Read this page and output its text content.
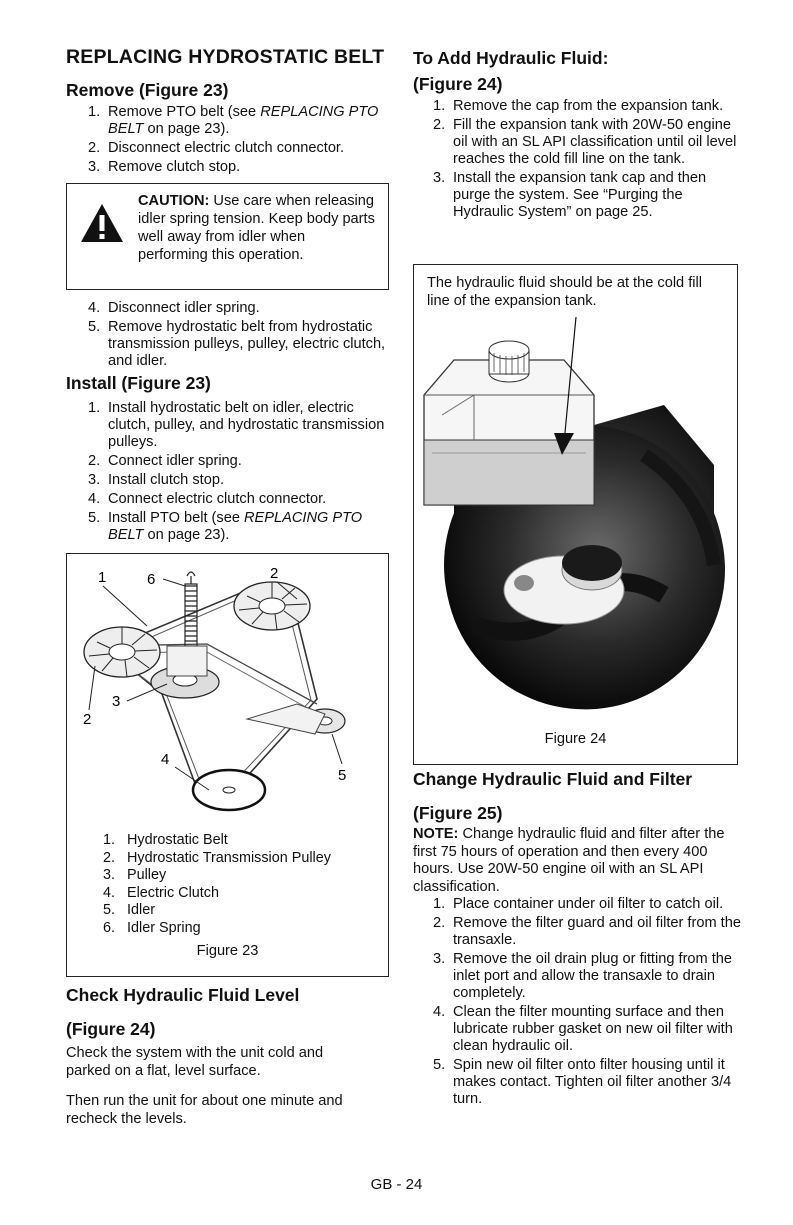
REPLACING HYDROSTATIC BELT
Remove (Figure 23)
1. Remove PTO belt (see REPLACING PTO BELT on page 23).
2. Disconnect electric clutch connector.
3. Remove clutch stop.
CAUTION: Use care when releasing idler spring tension. Keep body parts well away from idler when performing this operation.
4. Disconnect idler spring.
5. Remove hydrostatic belt from hydrostatic transmission pulleys, pulley, electric clutch, and idler.
Install (Figure 23)
1. Install hydrostatic belt on idler, electric clutch, pulley, and hydrostatic transmission pulleys.
2. Connect idler spring.
3. Install clutch stop.
4. Connect electric clutch connector.
5. Install PTO belt (see REPLACING PTO BELT on page 23).
1	6	2
2
3
4
5
1. Hydrostatic Belt
2. Hydrostatic Transmission Pulley
3. Pulley
4. Electric Clutch
5. Idler
6. Idler Spring
Figure 23
Check Hydraulic Fluid Level
(Figure 24)
Check the system with the unit cold and parked on a flat, level surface.
Then run the unit for about one minute and recheck the levels.
To Add Hydraulic Fluid:
(Figure 24)
1. Remove the cap from the expansion tank.
2. Fill the expansion tank with 20W-50 engine oil with an SL API classification until oil level reaches the cold fill line on the tank.
3. Install the expansion tank cap and then purge the system. See “Purging the Hydraulic System” on page 25.
The hydraulic fluid should be at the cold fill line of the expansion tank.
Figure 24
Change Hydraulic Fluid and Filter
(Figure 25)
NOTE: Change hydraulic fluid and filter after the first 75 hours of operation and then every 400 hours. Use 20W-50 engine oil with an SL API classification.
1. Place container under oil filter to catch oil.
2. Remove the filter guard and oil filter from the transaxle.
3. Remove the oil drain plug or fitting from the inlet port and allow the transaxle to drain completely.
4. Clean the filter mounting surface and then lubricate rubber gasket on new oil filter with clean hydraulic oil.
5. Spin new oil filter onto filter housing until it makes contact. Tighten oil filter another 3/4 turn.
GB - 24
